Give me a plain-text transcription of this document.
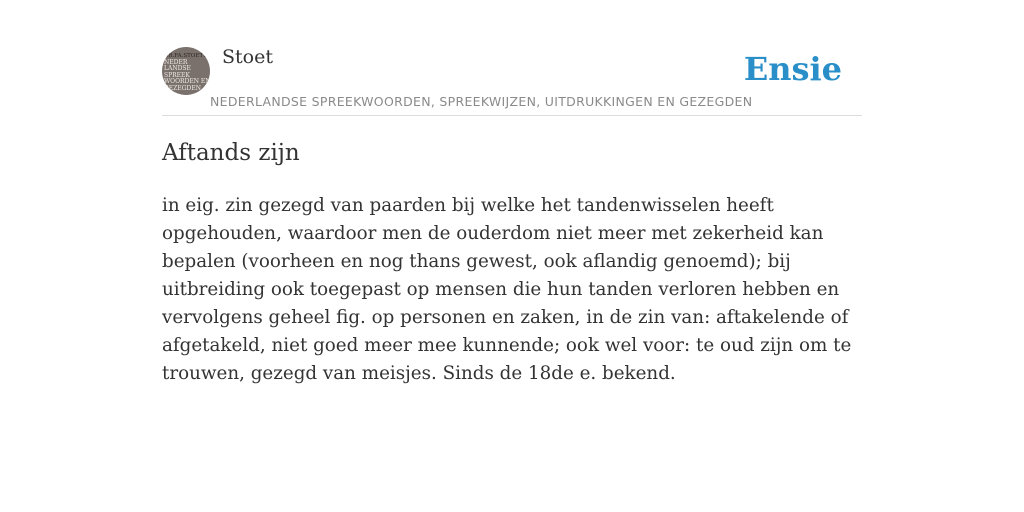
DR.FA.STOETT
NEDER
LANDSE
SPREEK
WOORDEN EN
GEZEGDEN
Stoet
NEDERLANDSE SPREEKWOORDEN, SPREEKWIJZEN, UITDRUKKINGEN EN GEZEGDEN
Ensie
Aftands zijn

in eig. zin gezegd van paarden bij welke het tandenwisselen heeft opgehouden, waardoor men de ouderdom niet meer met zekerheid kan bepalen (voorheen en nog thans gewest, ook aflandig genoemd); bij uitbreiding ook toegepast op mensen die hun tanden verloren hebben en vervolgens geheel fig. op personen en zaken, in de zin van: aftakelende of afgetakeld, niet goed meer mee kunnende; ook wel voor: te oud zijn om te trouwen, gezegd van meisjes. Sinds de 18de e. bekend.
